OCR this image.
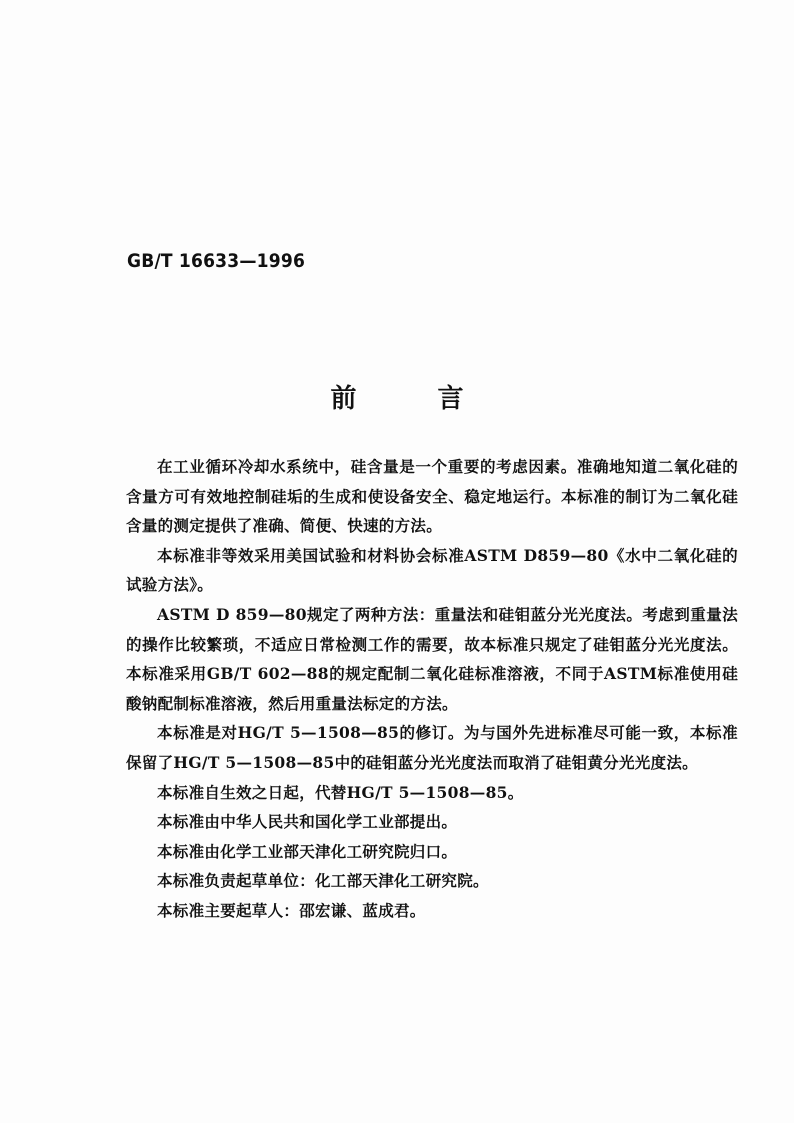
GB/T 16633—1996
前 言

在工业循环冷却水系统中，硅含量是一个重要的考虑因素。准确地知道二氧化硅的含量方可有效地控制硅垢的生成和使设备安全、稳定地运行。本标准的制订为二氧化硅含量的测定提供了准确、简便、快速的方法。

本标准非等效采用美国试验和材料协会标准ASTM D859—80《水中二氧化硅的试验方法》。

ASTM D 859—80规定了两种方法：重量法和硅钼蓝分光光度法。考虑到重量法的操作比较繁琐，不适应日常检测工作的需要，故本标准只规定了硅钼蓝分光光度法。本标准采用GB/T 602—88的规定配制二氧化硅标准溶液，不同于ASTM标准使用硅酸钠配制标准溶液，然后用重量法标定的方法。

本标准是对HG/T 5—1508—85的修订。为与国外先进标准尽可能一致，本标准保留了HG/T 5—1508—85中的硅钼蓝分光光度法而取消了硅钼黄分光光度法。

本标准自生效之日起，代替HG/T 5—1508—85。

本标准由中华人民共和国化学工业部提出。

本标准由化学工业部天津化工研究院归口。

本标准负责起草单位：化工部天津化工研究院。

本标准主要起草人：邵宏谦、蓝成君。
